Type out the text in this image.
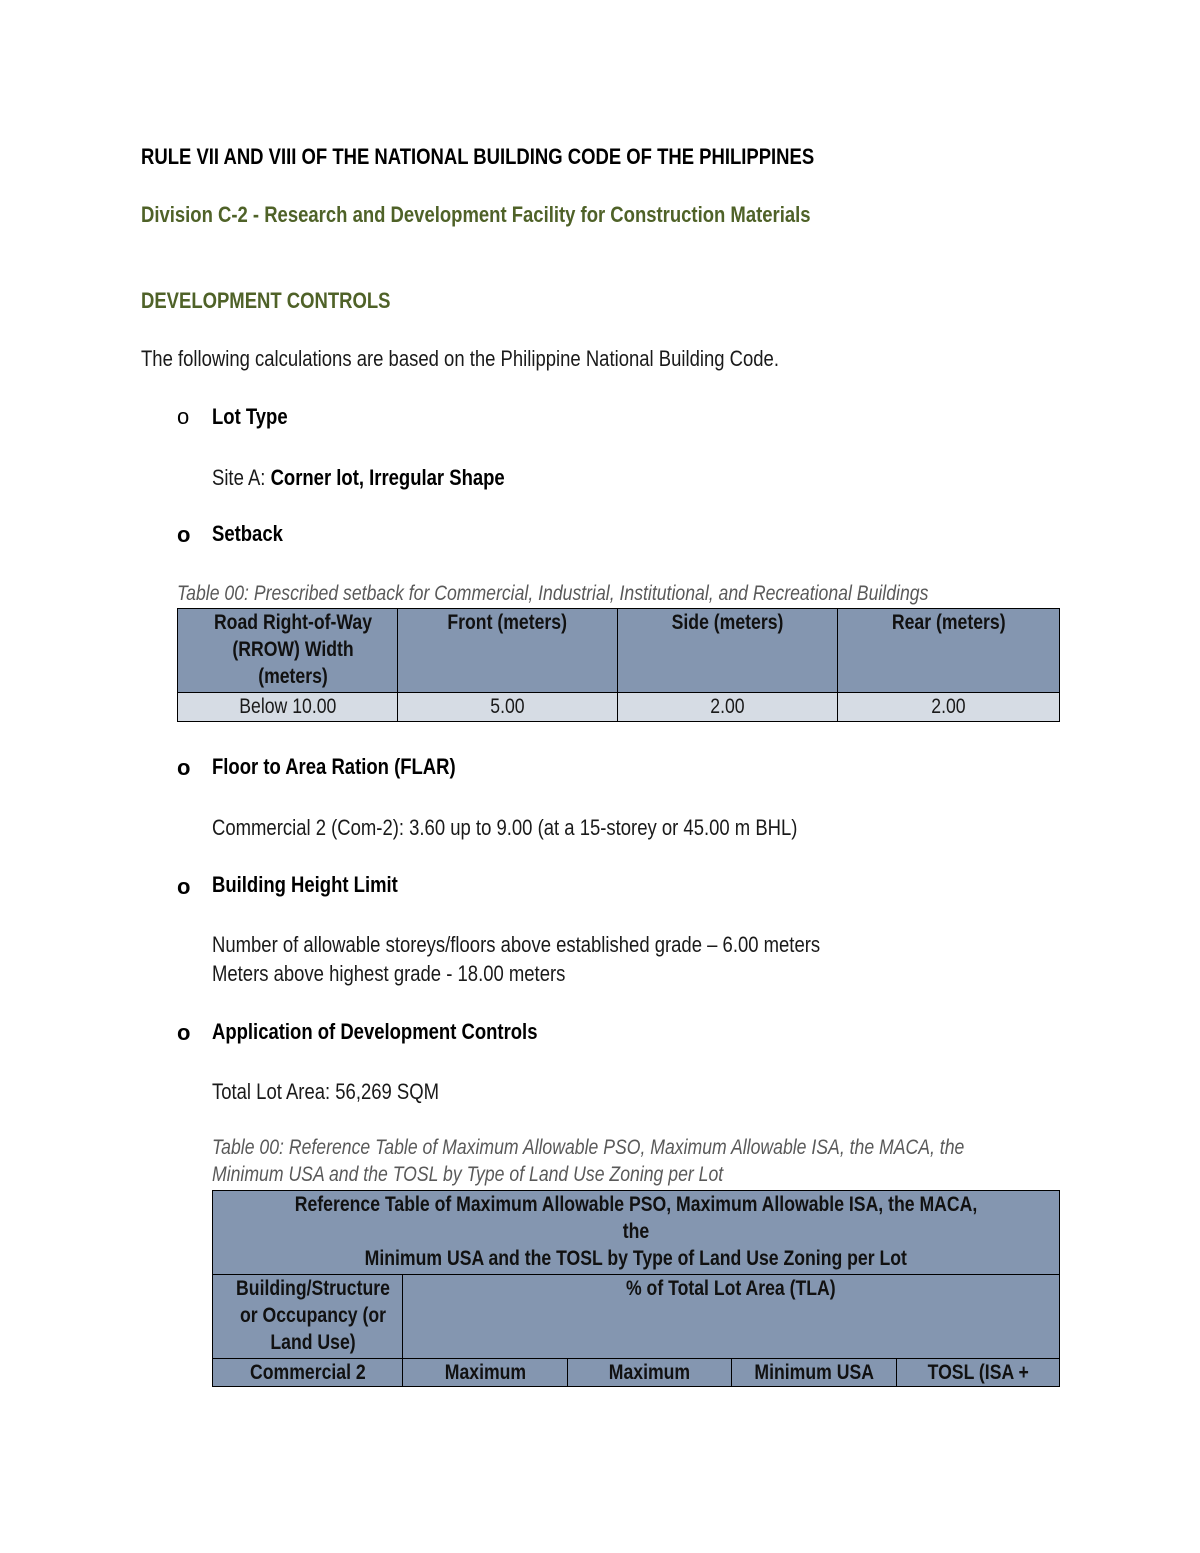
RULE VII AND VIII OF THE NATIONAL BUILDING CODE OF THE PHILIPPINES
Division C-2 - Research and Development Facility for Construction Materials
DEVELOPMENT CONTROLS
The following calculations are based on the Philippine National Building Code.
o Lot Type
Site A: Corner lot, Irregular Shape
o Setback
Table 00: Prescribed setback for Commercial, Industrial, Institutional, and Recreational Buildings
Road Right-of-Way (RROW) Width (meters)	Front (meters)	Side (meters)	Rear (meters)
Below 10.00	5.00	2.00	2.00
o Floor to Area Ration (FLAR)
Commercial 2 (Com-2): 3.60 up to 9.00 (at a 15-storey or 45.00 m BHL)
o Building Height Limit
Number of allowable storeys/floors above established grade – 6.00 meters
Meters above highest grade - 18.00 meters
o Application of Development Controls
Total Lot Area: 56,269 SQM
Table 00: Reference Table of Maximum Allowable PSO, Maximum Allowable ISA, the MACA, the
Minimum USA and the TOSL by Type of Land Use Zoning per Lot
Reference Table of Maximum Allowable PSO, Maximum Allowable ISA, the MACA, the
Minimum USA and the TOSL by Type of Land Use Zoning per Lot				
Building/Structure or Occupancy (or Land Use)	% of Total Lot Area (TLA)			
Commercial 2	Maximum	Maximum	Minimum USA	TOSL (ISA +
